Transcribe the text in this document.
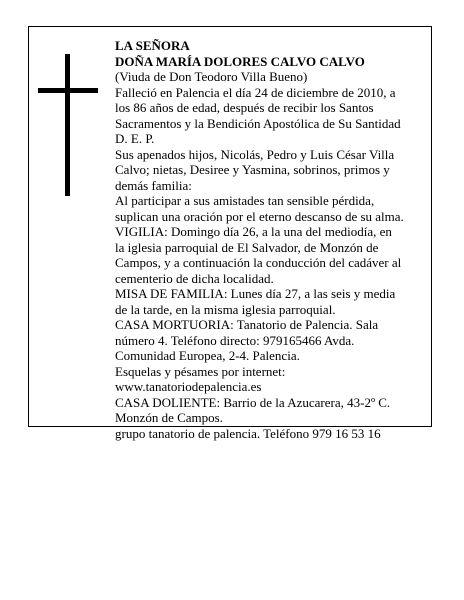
LA SEÑORA
DOÑA MARÍA DOLORES CALVO CALVO
(Viuda de Don Teodoro Villa Bueno)
Falleció en Palencia el día 24 de diciembre de 2010, a
los 86 años de edad, después de recibir los Santos
Sacramentos y la Bendición Apostólica de Su Santidad
D. E. P.
Sus apenados hijos, Nicolás, Pedro y Luis César Villa
Calvo; nietas, Desiree y Yasmina, sobrinos, primos y
demás familia:
Al participar a sus amistades tan sensible pérdida,
suplican una oración por el eterno descanso de su alma.
VIGILIA: Domingo día 26, a la una del mediodía, en
la iglesia parroquial de El Salvador, de Monzón de
Campos, y a continuación la conducción del cadáver al
cementerio de dicha localidad.
MISA DE FAMILIA: Lunes día 27, a las seis y media
de la tarde, en la misma iglesia parroquial.
CASA MORTUORIA: Tanatorio de Palencia. Sala
número 4. Teléfono directo: 979165466 Avda.
Comunidad Europea, 2-4. Palencia.
Esquelas y pésames por internet:
www.tanatoriodepalencia.es
CASA DOLIENTE: Barrio de la Azucarera, 43-2º C.
Monzón de Campos.
grupo tanatorio de palencia. Teléfono 979 16 53 16
